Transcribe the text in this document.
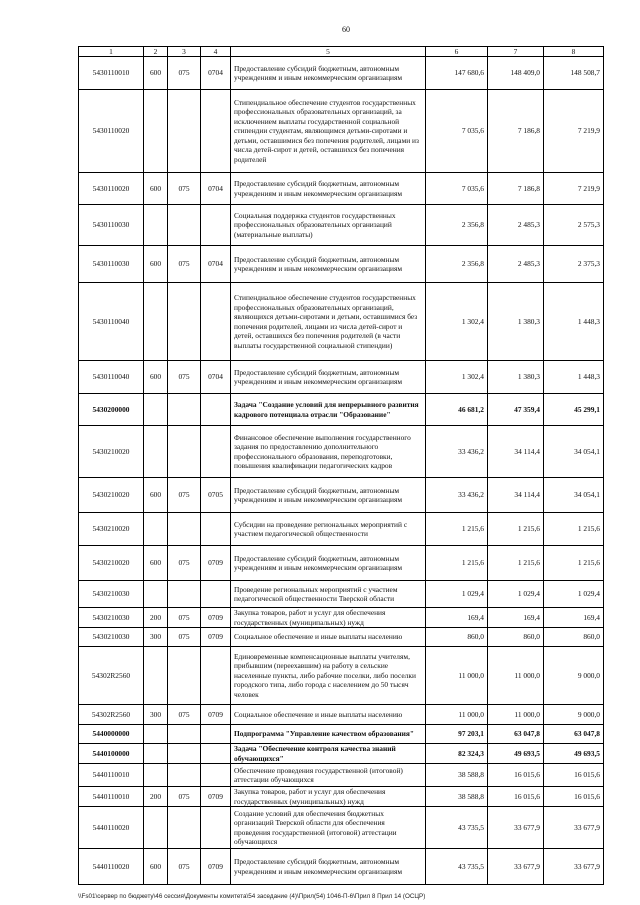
60
1	2	3	4	5	6	7	8
5430110010	600	075	0704	Предоставление субсидий бюджетным, автономным учреждениям и иным некоммерческим организациям	147 680,6	148 409,0	148 508,7
5430110020				Стипендиальное обеспечение студентов государственных профессиональных образовательных организаций, за исключением выплаты государственной социальной стипендии студентам, являющимся детьми-сиротами и детьми, оставшимися без попечения родителей, лицами из числа детей-сирот и детей, оставшихся без попечения родителей	7 035,6	7 186,8	7 219,9
5430110020	600	075	0704	Предоставление субсидий бюджетным, автономным учреждениям и иным некоммерческим организациям	7 035,6	7 186,8	7 219,9
5430110030				Социальная поддержка студентов государственных профессиональных образовательных организаций (материальные выплаты)	2 356,8	2 485,3	2 575,3
5430110030	600	075	0704	Предоставление субсидий бюджетным, автономным учреждениям и иным некоммерческим организациям	2 356,8	2 485,3	2 375,3
5430110040				Стипендиальное обеспечение студентов государственных профессиональных образовательных организаций, являющихся детьми-сиротами и детьми, оставшимися без попечения родителей, лицами из числа детей-сирот и детей, оставшихся без попечения родителей (в части выплаты государственной социальной стипендии)	1 302,4	1 380,3	1 448,3
5430110040	600	075	0704	Предоставление субсидий бюджетным, автономным учреждениям и иным некоммерческим организациям	1 302,4	1 380,3	1 448,3
5430200000				Задача "Создание условий для непрерывного развития кадрового потенциала отрасли "Образование"	46 681,2	47 359,4	45 299,1
5430210020				Финансовое обеспечение выполнения государственного задания по предоставлению дополнительного профессионального образования, переподготовки, повышения квалификации педагогических кадров	33 436,2	34 114,4	34 054,1
5430210020	600	075	0705	Предоставление субсидий бюджетным, автономным учреждениям и иным некоммерческим организациям	33 436,2	34 114,4	34 054,1
5430210020				Субсидии на проведение региональных мероприятий с участием педагогической общественности	1 215,6	1 215,6	1 215,6
5430210020	600	075	0709	Предоставление субсидий бюджетным, автономным учреждениям и иным некоммерческим организациям	1 215,6	1 215,6	1 215,6
5430210030				Проведение региональных мероприятий с участием педагогической общественности Тверской области	1 029,4	1 029,4	1 029,4
5430210030	200	075	0709	Закупка товаров, работ и услуг для обеспечения государственных (муниципальных) нужд	169,4	169,4	169,4
5430210030	300	075	0709	Социальное обеспечение и иные выплаты населению	860,0	860,0	860,0
54302R2560				Единовременные компенсационные выплаты учителям, прибывшим (переехавшим) на работу в сельские населенные пункты, либо рабочие поселки, либо поселки городского типа, либо города с населением до 50 тысяч человек	11 000,0	11 000,0	9 000,0
54302R2560	300	075	0709	Социальное обеспечение и иные выплаты населению	11 000,0	11 000,0	9 000,0
5440000000				Подпрограмма "Управление качеством образования"	97 203,1	63 047,8	63 047,8
5440100000				Задача "Обеспечение контроля качества знаний обучающихся"	82 324,3	49 693,5	49 693,5
5440110010				Обеспечение проведения государственной (итоговой) аттестации обучающихся	38 588,8	16 015,6	16 015,6
5440110010	200	075	0709	Закупка товаров, работ и услуг для обеспечения государственных (муниципальных) нужд	38 588,8	16 015,6	16 015,6
5440110020				Создание условий для обеспечения бюджетных организаций Тверской области для обеспечения проведения государственной (итоговой) аттестации обучающихся	43 735,5	33 677,9	33 677,9
5440110020	600	075	0709	Предоставление субсидий бюджетным, автономным учреждениям и иным некоммерческим организациям	43 735,5	33 677,9	33 677,9
\\Fs01\сервер по бюджету\46 сессия\Документы комитета\54 заседание (4)\Прил(54) 1046-П-6\Прил 8 Прил 14 (ОСЦР)
